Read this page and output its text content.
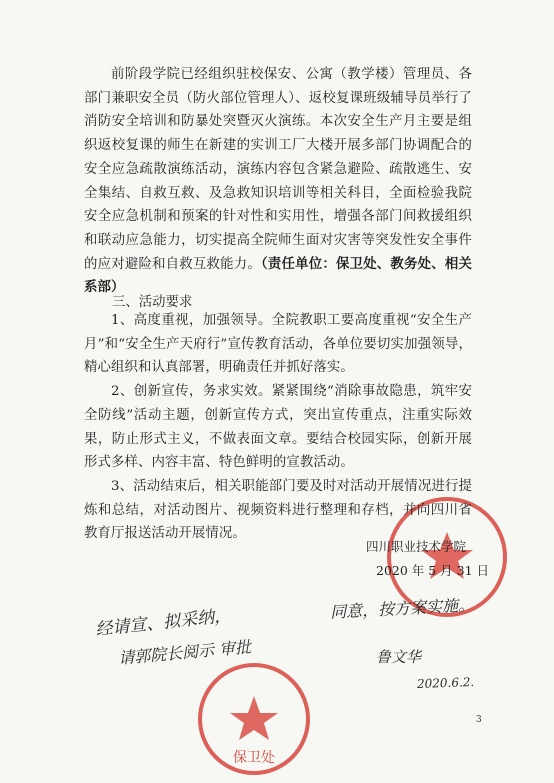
前阶段学院已经组织驻校保安、公寓（教学楼）管理员、各部门兼职安全员（防火部位管理人）、返校复课班级辅导员举行了消防安全培训和防暴处突暨灭火演练。本次安全生产月主要是组织返校复课的师生在新建的实训工厂大楼开展多部门协调配合的安全应急疏散演练活动，演练内容包含紧急避险、疏散逃生、安全集结、自救互救、及急救知识培训等相关科目，全面检验我院安全应急机制和预案的针对性和实用性，增强各部门间救援组织和联动应急能力，切实提高全院师生面对灾害等突发性安全事件的应对避险和自救互救能力。（责任单位：保卫处、教务处、相关系部）

三、活动要求

1、高度重视，加强领导。全院教职工要高度重视“安全生产月”和“安全生产天府行”宣传教育活动，各单位要切实加强领导，精心组织和认真部署，明确责任并抓好落实。

2、创新宣传，务求实效。紧紧围绕“消除事故隐患，筑牢安全防线”活动主题，创新宣传方式，突出宣传重点，注重实际效果，防止形式主义，不做表面文章。要结合校园实际，创新开展形式多样、内容丰富、特色鲜明的宣教活动。

3、活动结束后，相关职能部门要及时对活动开展情况进行提炼和总结，对活动图片、视频资料进行整理和存档，并向四川省教育厅报送活动开展情况。

四川职业技术学院
2020 年 5 月 31 日
经请宣、拟采纳，
请郭院长阅示 审批
同意，按方案实施。
鲁文华
2020.6.2.
保卫处
3
